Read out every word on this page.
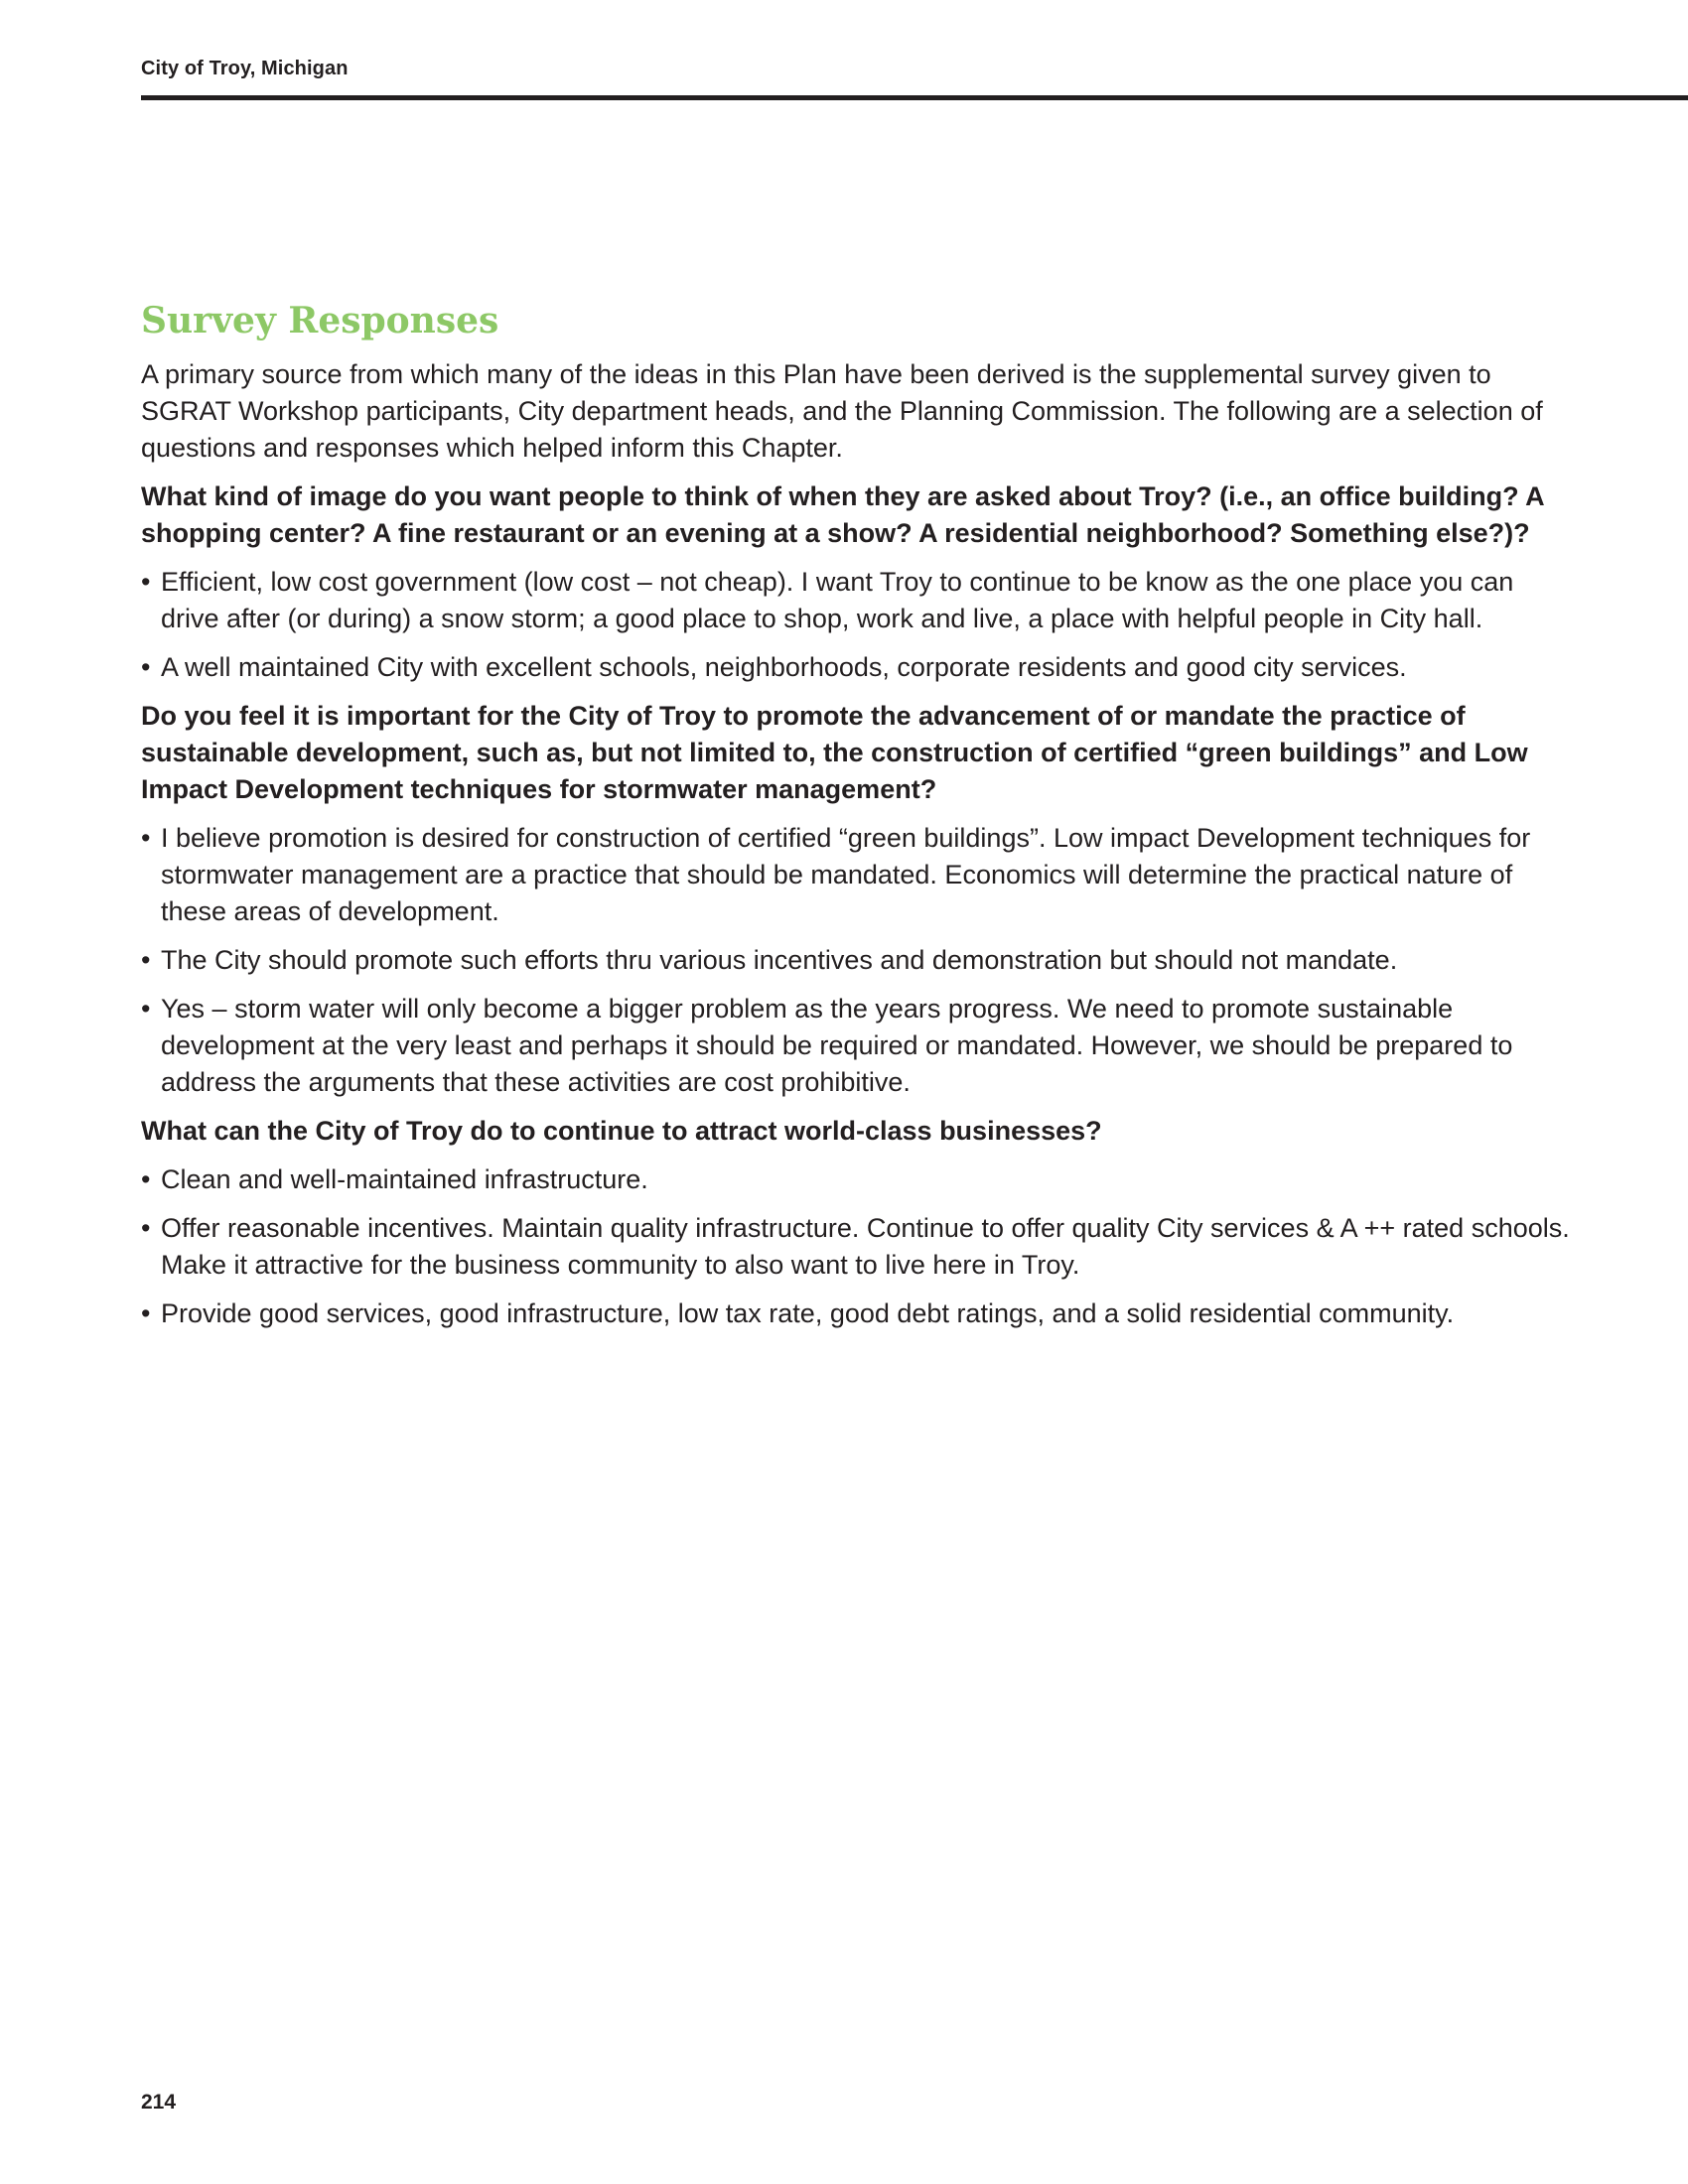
City of Troy, Michigan
Survey Responses

A primary source from which many of the ideas in this Plan have been derived is the supplemental survey given to SGRAT Workshop participants, City department heads, and the Planning Commission. The following are a selection of questions and responses which helped inform this Chapter.

What kind of image do you want people to think of when they are asked about Troy? (i.e., an office building? A shopping center? A fine restaurant or an evening at a show? A residential neighborhood? Something else?)?

• Efficient, low cost government (low cost – not cheap). I want Troy to continue to be know as the one place you can drive after (or during) a snow storm; a good place to shop, work and live, a place with helpful people in City hall.
• A well maintained City with excellent schools, neighborhoods, corporate residents and good city services.

Do you feel it is important for the City of Troy to promote the advancement of or mandate the practice of sustainable development, such as, but not limited to, the construction of certified “green buildings” and Low Impact Development techniques for stormwater management?

• I believe promotion is desired for construction of certified “green buildings”. Low impact Development techniques for stormwater management are a practice that should be mandated. Economics will determine the practical nature of these areas of development.
• The City should promote such efforts thru various incentives and demonstration but should not mandate.
• Yes – storm water will only become a bigger problem as the years progress. We need to promote sustainable development at the very least and perhaps it should be required or mandated. However, we should be prepared to address the arguments that these activities are cost prohibitive.

What can the City of Troy do to continue to attract world-class businesses?

• Clean and well-maintained infrastructure.
• Offer reasonable incentives. Maintain quality infrastructure. Continue to offer quality City services & A ++ rated schools. Make it attractive for the business community to also want to live here in Troy.
• Provide good services, good infrastructure, low tax rate, good debt ratings, and a solid residential community.
214
